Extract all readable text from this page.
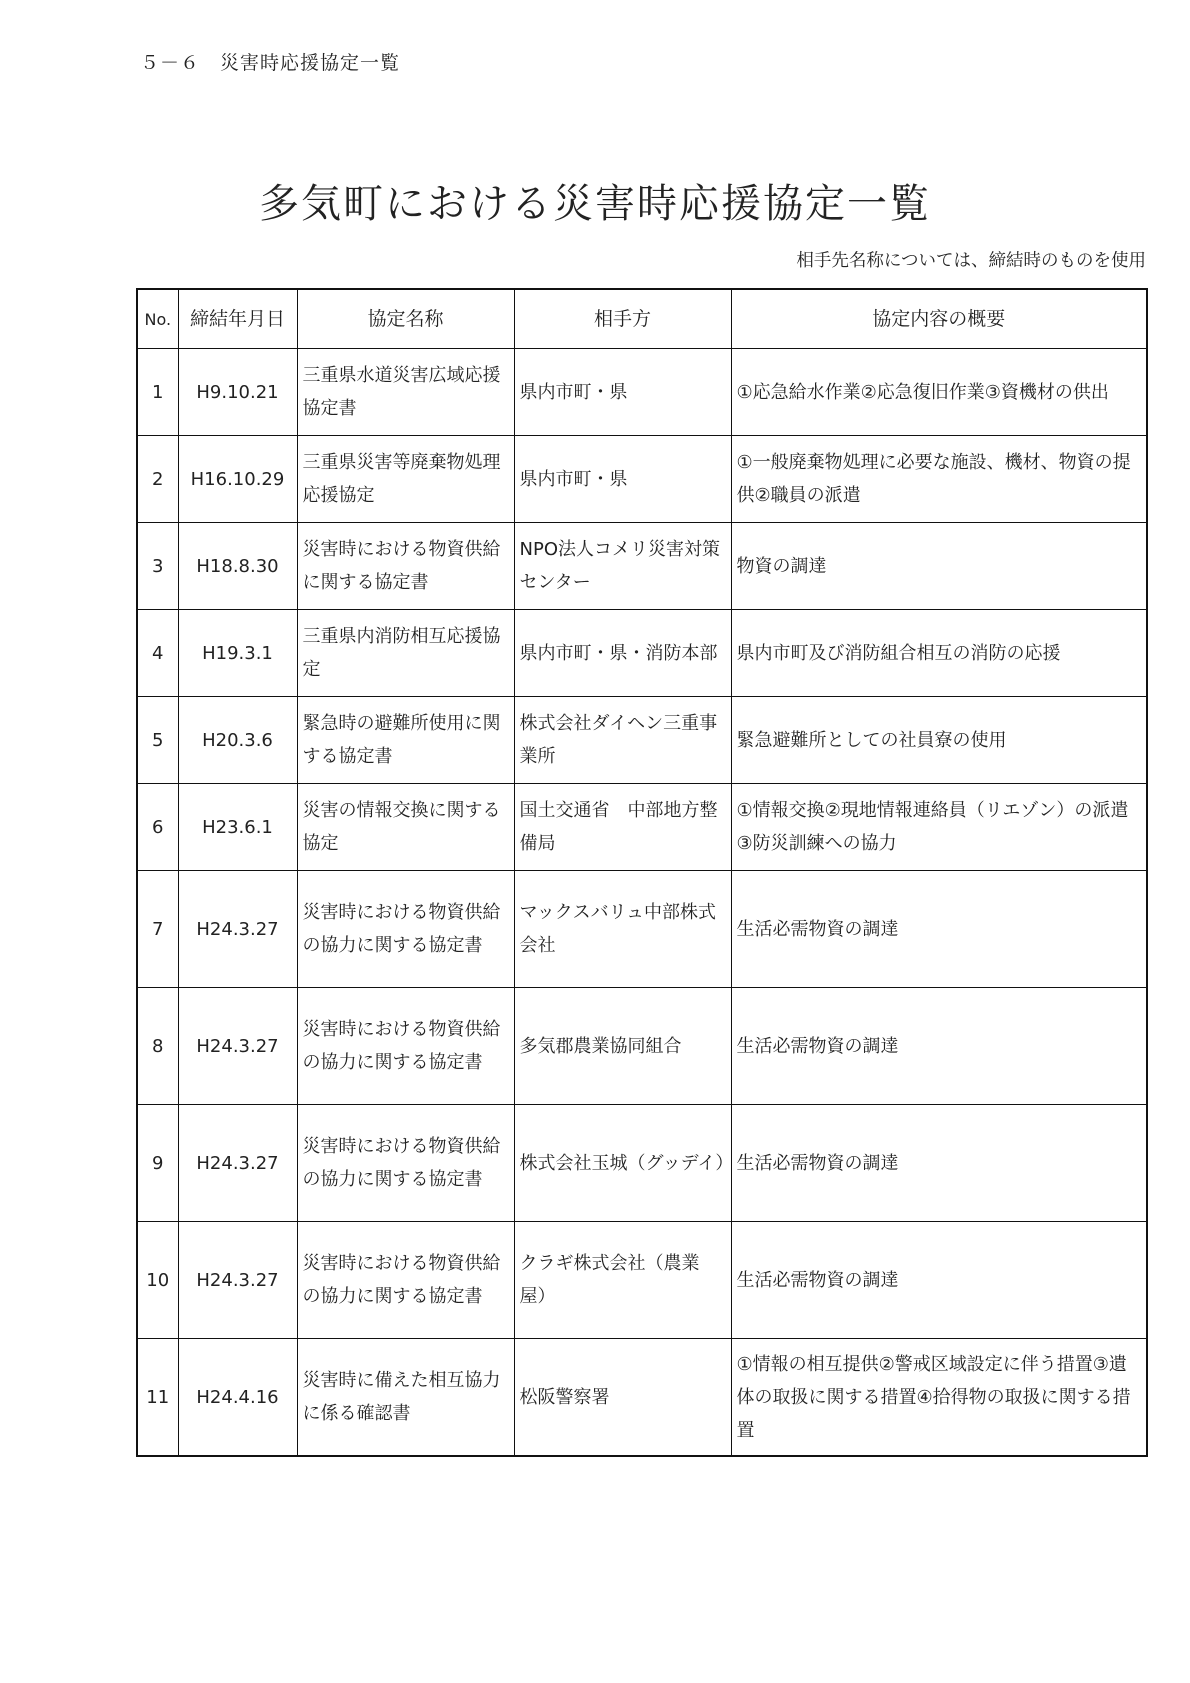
５－６　災害時応援協定一覧
多気町における災害時応援協定一覧
相手先名称については、締結時のものを使用
No.	締結年月日	協定名称	相手方	協定内容の概要
1	H9.10.21	三重県水道災害広域応援協定書	県内市町・県	①応急給水作業②応急復旧作業③資機材の供出
2	H16.10.29	三重県災害等廃棄物処理応援協定	県内市町・県	①一般廃棄物処理に必要な施設、機材、物資の提供②職員の派遣
3	H18.8.30	災害時における物資供給に関する協定書	NPO法人コメリ災害対策センター	物資の調達
4	H19.3.1	三重県内消防相互応援協定	県内市町・県・消防本部	県内市町及び消防組合相互の消防の応援
5	H20.3.6	緊急時の避難所使用に関する協定書	株式会社ダイヘン三重事業所	緊急避難所としての社員寮の使用
6	H23.6.1	災害の情報交換に関する協定	国土交通省　中部地方整備局	①情報交換②現地情報連絡員（リエゾン）の派遣③防災訓練への協力
7	H24.3.27	災害時における物資供給の協力に関する協定書	マックスバリュ中部株式会社	生活必需物資の調達
8	H24.3.27	災害時における物資供給の協力に関する協定書	多気郡農業協同組合	生活必需物資の調達
9	H24.3.27	災害時における物資供給の協力に関する協定書	株式会社玉城（グッデイ）	生活必需物資の調達
10	H24.3.27	災害時における物資供給の協力に関する協定書	クラギ株式会社（農業屋）	生活必需物資の調達
11	H24.4.16	災害時に備えた相互協力に係る確認書	松阪警察署	①情報の相互提供②警戒区域設定に伴う措置③遺体の取扱に関する措置④拾得物の取扱に関する措置
